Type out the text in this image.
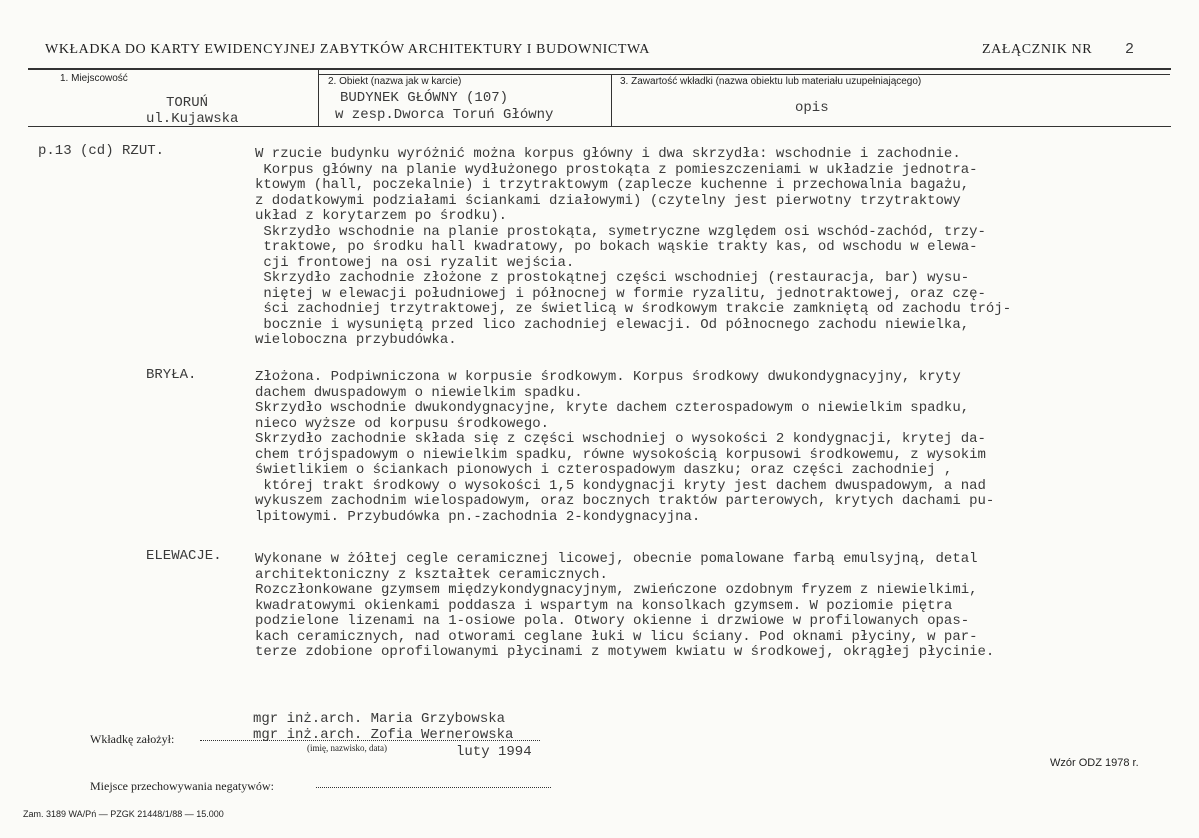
WKŁADKA DO KARTY EWIDENCYJNEJ ZABYTKÓW ARCHITEKTURY I BUDOWNICTWA	ZAŁĄCZNIK NR 2
1. Miejscowość
TORUŃ
ul.Kujawska
2. Obiekt (nazwa jak w karcie)
BUDYNEK GŁÓWNY (107)
w zesp.Dworca Toruń Główny
3. Zawartość wkładki (nazwa obiektu lub materiału uzupełniającego)
opis
p.13 (cd) RZUT.	W rzucie budynku wyróżnić można korpus główny i dwa skrzydła: wschodnie i zachodnie.
Korpus główny na planie wydłużonego prostokąta z pomieszczeniami w układzie jednotra-
ktowym (hall, poczekalnie) i trzytraktowym (zaplecze kuchenne i przechowalnia bagażu,
z dodatkowymi podziałami ściankami działowymi) (czytelny jest pierwotny trzytraktowy
układ z korytarzem po środku).
Skrzydło wschodnie na planie prostokąta, symetryczne względem osi wschód-zachód, trzy-
traktowe, po środku hall kwadratowy, po bokach wąskie trakty kas, od wschodu w elewa-
cji frontowej na osi ryzalit wejścia.
Skrzydło zachodnie złożone z prostokątnej części wschodniej (restauracja, bar) wysu-
niętej w elewacji południowej i północnej w formie ryzalitu, jednotraktowej, oraz czę-
ści zachodniej trzytraktowej, ze świetlicą w środkowym trakcie zamkniętą od zachodu trój-
bocznie i wysuniętą przed lico zachodniej elewacji. Od północnego zachodu niewielka,
wieloboczna przybudówka.
BRYŁA.	Złożona. Podpiwniczona w korpusie środkowym. Korpus środkowy dwukondygnacyjny, kryty
dachem dwuspadowym o niewielkim spadku.
Skrzydło wschodnie dwukondygnacyjne, kryte dachem czterospadowym o niewielkim spadku,
nieco wyższe od korpusu środkowego.
Skrzydło zachodnie składa się z części wschodniej o wysokości 2 kondygnacji, krytej da-
chem trójspadowym o niewielkim spadku, równe wysokością korpusowi środkowemu, z wysokim
świetlikiem o ściankach pionowych i czterospadowym daszku; oraz części zachodniej ,
której trakt środkowy o wysokości 1,5 kondygnacji kryty jest dachem dwuspadowym, a nad
wykuszem zachodnim wielospadowym, oraz bocznych traktów parterowych, krytych dachami pu-
lpitowymi. Przybudówka pn.-zachodnia 2-kondygnacyjna.
ELEWACJE. Wykonane w żółtej cegle ceramicznej licowej, obecnie pomalowane farbą emulsyjną, detal
architektoniczny z kształtek ceramicznych.
Rozczłonkowane gzymsem międzykondygnacyjnym, zwieńczone ozdobnym fryzem z niewielkimi,
kwadratowymi okienkami poddasza i wspartym na konsolkach gzymsem. W poziomie piętra
podzielone lizenami na 1-osiowe pola. Otwory okienne i drzwiowe w profilowanych opas-
kach ceramicznych, nad otworami ceglane łuki w licu ściany. Pod oknami płyciny, w par-
terze zdobione oprofilowanymi płycinami z motywem kwiatu w środkowej, okrągłej płycinie.
mgr inż.arch. Maria Grzybowska
mgr inż.arch. Zofia Wernerowska
Wkładkę założył:
(imię, nazwisko, data)	luty 1994
Miejsce przechowywania negatywów:
Wzór ODZ 1978 r.
Zam. 3189 WA/Pń — PZGK 21448/1/88 — 15.000
